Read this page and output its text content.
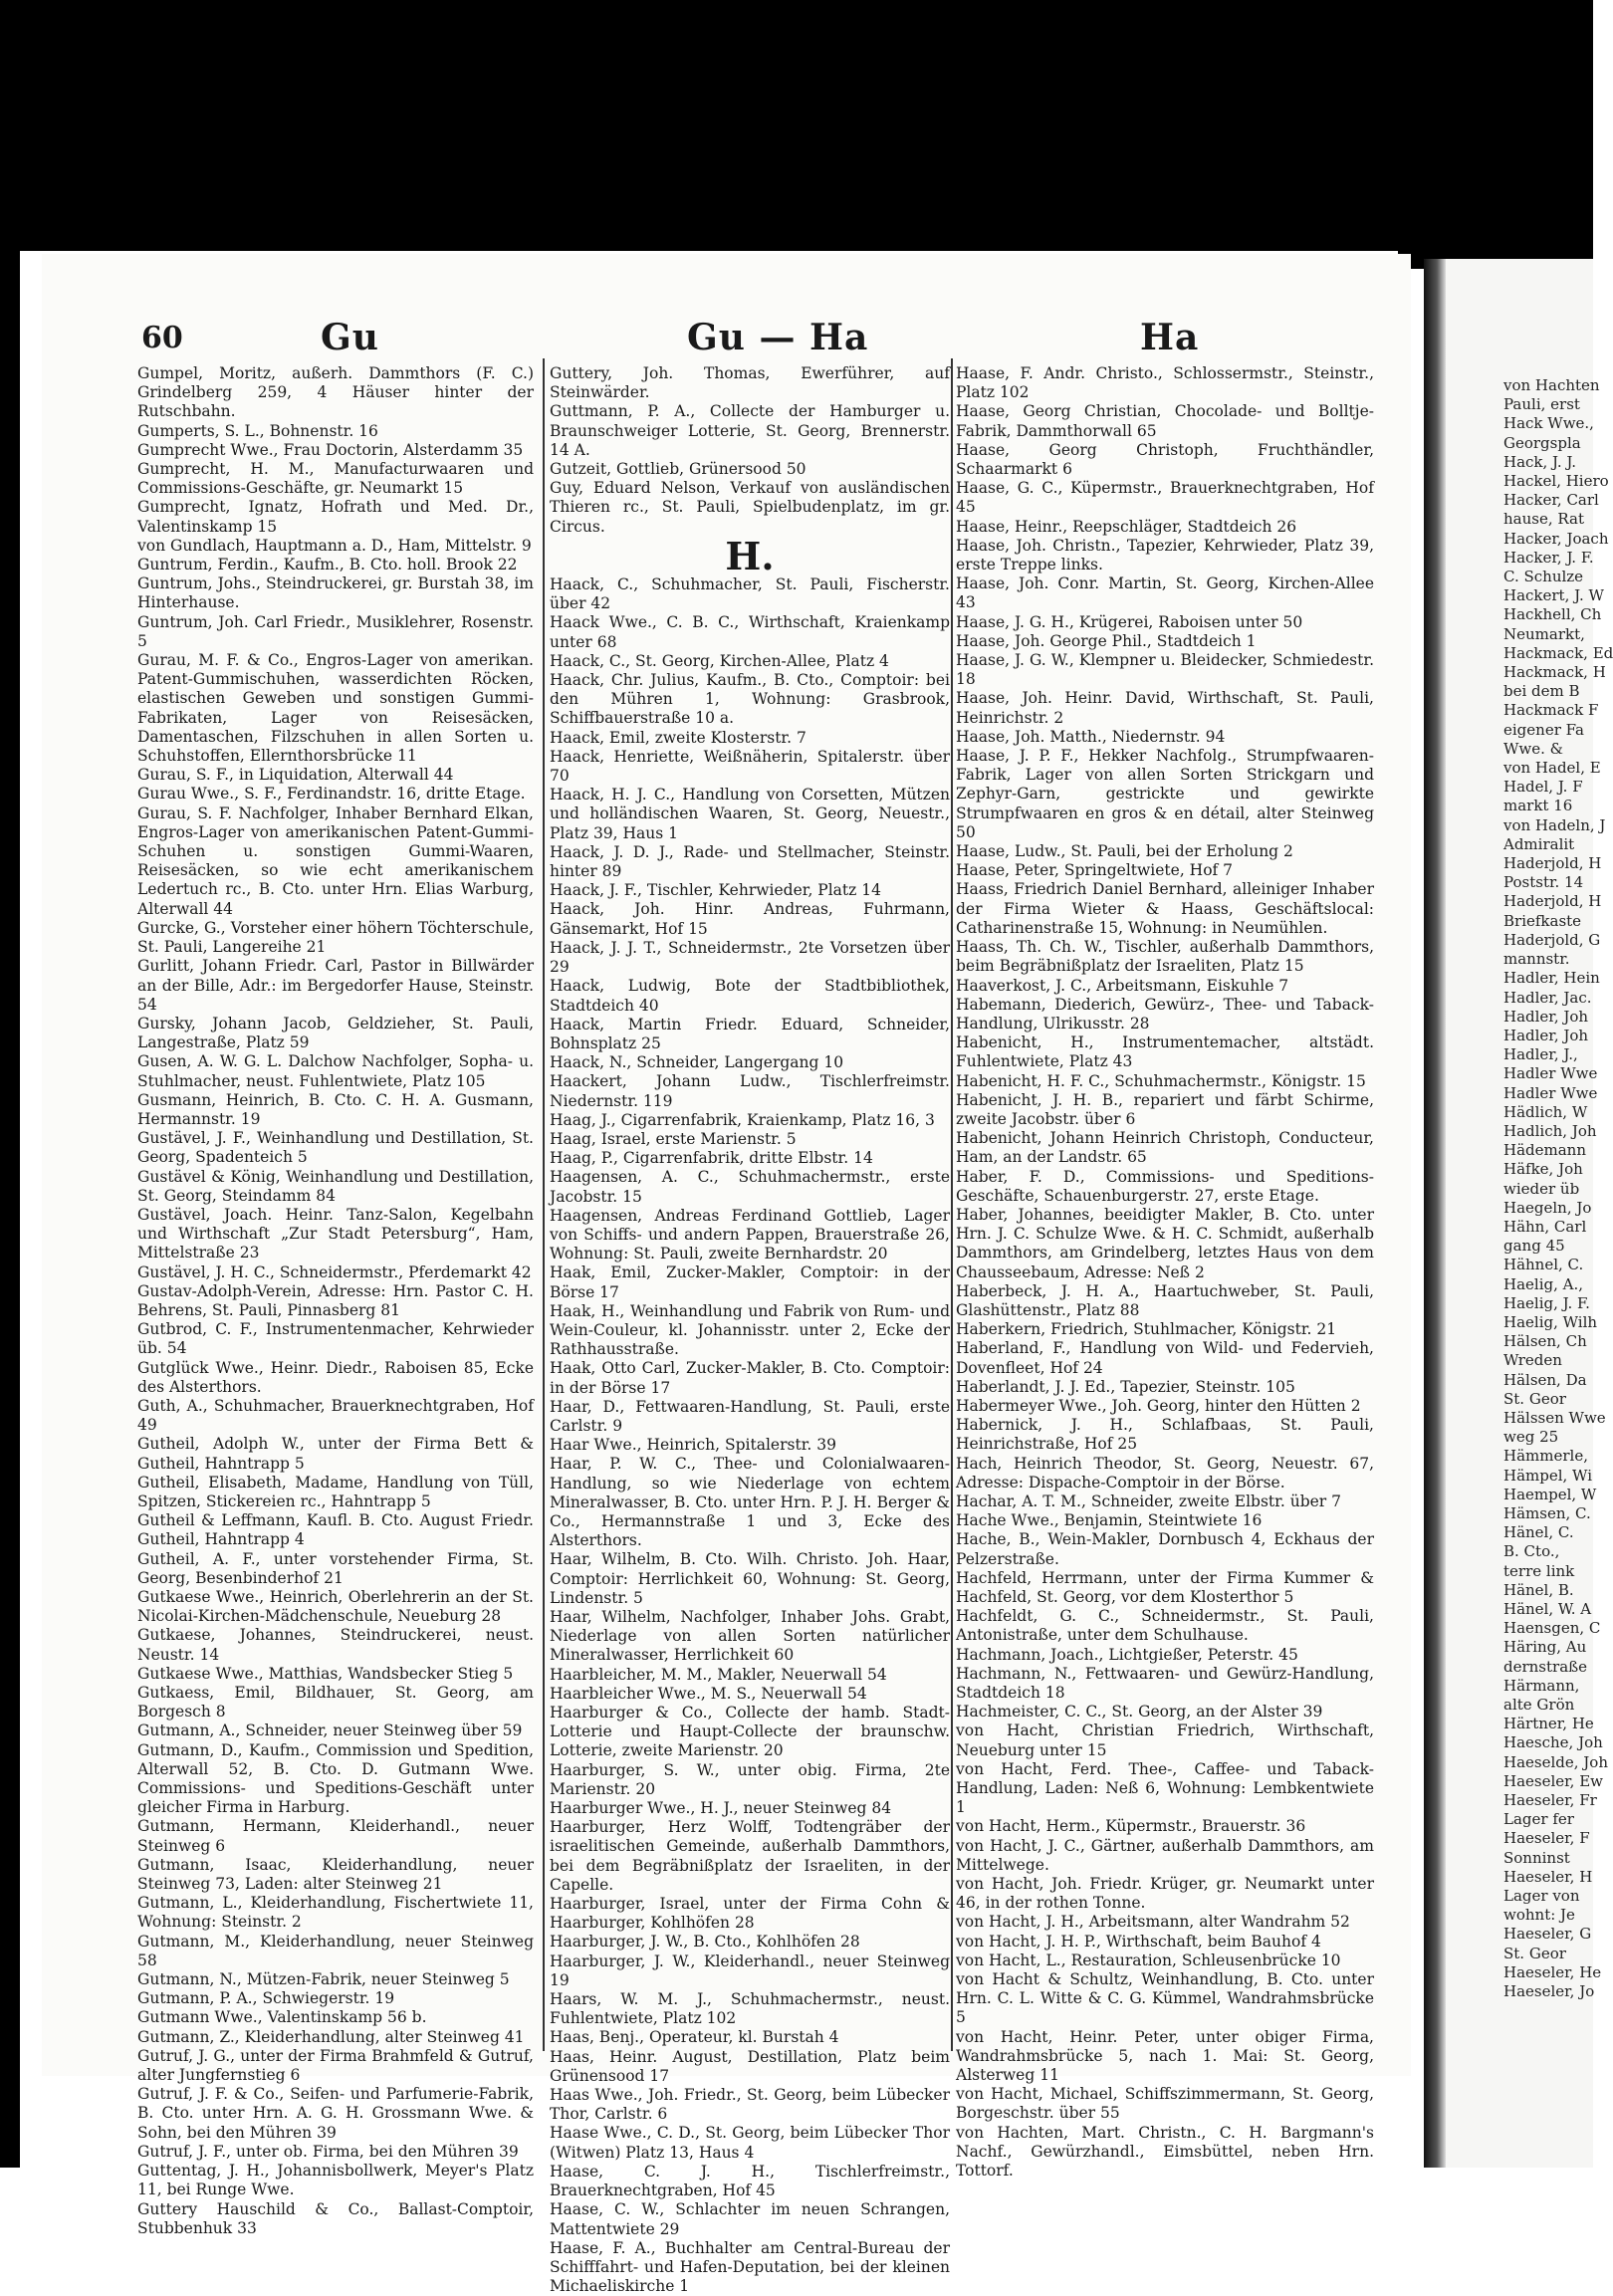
60	Gu	Gu — Ha	Ha

Gumpel, Moritz, außerh. Dammthors (F. C.) Grindelberg 259, 4 Häuser hinter der Rutschbahn.

Gumperts, S. L., Bohnenstr. 16

Gumprecht Wwe., Frau Doctorin, Alsterdamm 35

Gumprecht, H. M., Manufacturwaaren und Commissions-Geschäfte, gr. Neumarkt 15

Gumprecht, Ignatz, Hofrath und Med. Dr., Valentinskamp 15

von Gundlach, Hauptmann a. D., Ham, Mittelstr. 9

Guntrum, Ferdin., Kaufm., B. Cto. holl. Brook 22

Guntrum, Johs., Steindruckerei, gr. Burstah 38, im Hinterhause.

Guntrum, Joh. Carl Friedr., Musiklehrer, Rosenstr. 5

Gurau, M. F. & Co., Engros-Lager von amerikan. Patent-Gummischuhen, wasserdichten Röcken, elastischen Geweben und sonstigen Gummi-Fabrikaten, Lager von Reisesäcken, Damentaschen, Filzschuhen in allen Sorten u. Schuhstoffen, Ellernthorsbrücke 11

Gurau, S. F., in Liquidation, Alterwall 44

Gurau Wwe., S. F., Ferdinandstr. 16, dritte Etage.

Gurau, S. F. Nachfolger, Inhaber Bernhard Elkan, Engros-Lager von amerikanischen Patent-Gummi-Schuhen u. sonstigen Gummi-Waaren, Reisesäcken, so wie echt amerikanischem Ledertuch rc., B. Cto. unter Hrn. Elias Warburg, Alterwall 44

Gurcke, G., Vorsteher einer höhern Töchterschule, St. Pauli, Langereihe 21

Gurlitt, Johann Friedr. Carl, Pastor in Billwärder an der Bille, Adr.: im Bergedorfer Hause, Steinstr. 54

Gursky, Johann Jacob, Geldzieher, St. Pauli, Langestraße, Platz 59

Gusen, A. W. G. L. Dalchow Nachfolger, Sopha- u. Stuhlmacher, neust. Fuhlentwiete, Platz 105

Gusmann, Heinrich, B. Cto. C. H. A. Gusmann, Hermannstr. 19

Gustävel, J. F., Weinhandlung und Destillation, St. Georg, Spadenteich 5

Gustävel & König, Weinhandlung und Destillation, St. Georg, Steindamm 84

Gustävel, Joach. Heinr. Tanz-Salon, Kegelbahn und Wirthschaft „Zur Stadt Petersburg“, Ham, Mittelstraße 23

Gustävel, J. H. C., Schneidermstr., Pferdemarkt 42

Gustav-Adolph-Verein, Adresse: Hrn. Pastor C. H. Behrens, St. Pauli, Pinnasberg 81

Gutbrod, C. F., Instrumentenmacher, Kehrwieder üb. 54

Gutglück Wwe., Heinr. Diedr., Raboisen 85, Ecke des Alsterthors.

Guth, A., Schuhmacher, Brauerknechtgraben, Hof 49

Gutheil, Adolph W., unter der Firma Bett & Gutheil, Hahntrapp 5

Gutheil, Elisabeth, Madame, Handlung von Tüll, Spitzen, Stickereien rc., Hahntrapp 5

Gutheil & Leffmann, Kaufl. B. Cto. August Friedr. Gutheil, Hahntrapp 4

Gutheil, A. F., unter vorstehender Firma, St. Georg, Besenbinderhof 21

Gutkaese Wwe., Heinrich, Oberlehrerin an der St. Nicolai-Kirchen-Mädchenschule, Neueburg 28

Gutkaese, Johannes, Steindruckerei, neust. Neustr. 14

Gutkaese Wwe., Matthias, Wandsbecker Stieg 5

Gutkaess, Emil, Bildhauer, St. Georg, am Borgesch 8

Gutmann, A., Schneider, neuer Steinweg über 59

Gutmann, D., Kaufm., Commission und Spedition, Alterwall 52, B. Cto. D. Gutmann Wwe. Commissions- und Speditions-Geschäft unter gleicher Firma in Harburg.

Gutmann, Hermann, Kleiderhandl., neuer Steinweg 6

Gutmann, Isaac, Kleiderhandlung, neuer Steinweg 73, Laden: alter Steinweg 21

Gutmann, L., Kleiderhandlung, Fischertwiete 11, Wohnung: Steinstr. 2

Gutmann, M., Kleiderhandlung, neuer Steinweg 58

Gutmann, N., Mützen-Fabrik, neuer Steinweg 5

Gutmann, P. A., Schwiegerstr. 19

Gutmann Wwe., Valentinskamp 56 b.

Gutmann, Z., Kleiderhandlung, alter Steinweg 41

Gutruf, J. G., unter der Firma Brahmfeld & Gutruf, alter Jungfernstieg 6

Gutruf, J. F. & Co., Seifen- und Parfumerie-Fabrik, B. Cto. unter Hrn. A. G. H. Grossmann Wwe. & Sohn, bei den Mühren 39

Gutruf, J. F., unter ob. Firma, bei den Mühren 39

Guttentag, J. H., Johannisbollwerk, Meyer's Platz 11, bei Runge Wwe.

Guttery Hauschild & Co., Ballast-Comptoir, Stubbenhuk 33

Guttery, Joh. Thomas, Ewerführer, auf Steinwärder.

Guttmann, P. A., Collecte der Hamburger u. Braunschweiger Lotterie, St. Georg, Brennerstr. 14 A.

Gutzeit, Gottlieb, Grünersood 50

Guy, Eduard Nelson, Verkauf von ausländischen Thieren rc., St. Pauli, Spielbudenplatz, im gr. Circus.

H.

Haack, C., Schuhmacher, St. Pauli, Fischerstr. über 42

Haack Wwe., C. B. C., Wirthschaft, Kraienkamp unter 68

Haack, C., St. Georg, Kirchen-Allee, Platz 4

Haack, Chr. Julius, Kaufm., B. Cto., Comptoir: bei den Mühren 1, Wohnung: Grasbrook, Schiffbauerstraße 10 a.

Haack, Emil, zweite Klosterstr. 7

Haack, Henriette, Weißnäherin, Spitalerstr. über 70

Haack, H. J. C., Handlung von Corsetten, Mützen und holländischen Waaren, St. Georg, Neuestr., Platz 39, Haus 1

Haack, J. D. J., Rade- und Stellmacher, Steinstr. hinter 89

Haack, J. F., Tischler, Kehrwieder, Platz 14

Haack, Joh. Hinr. Andreas, Fuhrmann, Gänsemarkt, Hof 15

Haack, J. J. T., Schneidermstr., 2te Vorsetzen über 29

Haack, Ludwig, Bote der Stadtbibliothek, Stadtdeich 40

Haack, Martin Friedr. Eduard, Schneider, Bohnsplatz 25

Haack, N., Schneider, Langergang 10

Haackert, Johann Ludw., Tischlerfreimstr. Niedernstr. 119

Haag, J., Cigarrenfabrik, Kraienkamp, Platz 16, 3

Haag, Israel, erste Marienstr. 5

Haag, P., Cigarrenfabrik, dritte Elbstr. 14

Haagensen, A. C., Schuhmachermstr., erste Jacobstr. 15

Haagensen, Andreas Ferdinand Gottlieb, Lager von Schiffs- und andern Pappen, Brauerstraße 26, Wohnung: St. Pauli, zweite Bernhardstr. 20

Haak, Emil, Zucker-Makler, Comptoir: in der Börse 17

Haak, H., Weinhandlung und Fabrik von Rum- und Wein-Couleur, kl. Johannisstr. unter 2, Ecke der Rathhausstraße.

Haak, Otto Carl, Zucker-Makler, B. Cto. Comptoir: in der Börse 17

Haar, D., Fettwaaren-Handlung, St. Pauli, erste Carlstr. 9

Haar Wwe., Heinrich, Spitalerstr. 39

Haar, P. W. C., Thee- und Colonialwaaren-Handlung, so wie Niederlage von echtem Mineralwasser, B. Cto. unter Hrn. P. J. H. Berger & Co., Hermannstraße 1 und 3, Ecke des Alsterthors.

Haar, Wilhelm, B. Cto. Wilh. Christo. Joh. Haar, Comptoir: Herrlichkeit 60, Wohnung: St. Georg, Lindenstr. 5

Haar, Wilhelm, Nachfolger, Inhaber Johs. Grabt, Niederlage von allen Sorten natürlicher Mineralwasser, Herrlichkeit 60

Haarbleicher, M. M., Makler, Neuerwall 54

Haarbleicher Wwe., M. S., Neuerwall 54

Haarburger & Co., Collecte der hamb. Stadt-Lotterie und Haupt-Collecte der braunschw. Lotterie, zweite Marienstr. 20

Haarburger, S. W., unter obig. Firma, 2te Marienstr. 20

Haarburger Wwe., H. J., neuer Steinweg 84

Haarburger, Herz Wolff, Todtengräber der israelitischen Gemeinde, außerhalb Dammthors, bei dem Begräbnißplatz der Israeliten, in der Capelle.

Haarburger, Israel, unter der Firma Cohn & Haarburger, Kohlhöfen 28

Haarburger, J. W., B. Cto., Kohlhöfen 28

Haarburger, J. W., Kleiderhandl., neuer Steinweg 19

Haars, W. M. J., Schuhmachermstr., neust. Fuhlentwiete, Platz 102

Haas, Benj., Operateur, kl. Burstah 4

Haas, Heinr. August, Destillation, Platz beim Grünensood 17

Haas Wwe., Joh. Friedr., St. Georg, beim Lübecker Thor, Carlstr. 6

Haase Wwe., C. D., St. Georg, beim Lübecker Thor (Witwen) Platz 13, Haus 4

Haase, C. J. H., Tischlerfreimstr., Brauerknechtgraben, Hof 45

Haase, C. W., Schlachter im neuen Schrangen, Mattentwiete 29

Haase, F. A., Buchhalter am Central-Bureau der Schifffahrt- und Hafen-Deputation, bei der kleinen Michaeliskirche 1

Haase, F. Andr. Christo., Schlossermstr., Steinstr., Platz 102

Haase, Georg Christian, Chocolade- und Bolltje-Fabrik, Dammthorwall 65

Haase, Georg Christoph, Fruchthändler, Schaarmarkt 6

Haase, G. C., Küpermstr., Brauerknechtgraben, Hof 45

Haase, Heinr., Reepschläger, Stadtdeich 26

Haase, Joh. Christn., Tapezier, Kehrwieder, Platz 39, erste Treppe links.

Haase, Joh. Conr. Martin, St. Georg, Kirchen-Allee 43

Haase, J. G. H., Krügerei, Raboisen unter 50

Haase, Joh. George Phil., Stadtdeich 1

Haase, J. G. W., Klempner u. Bleidecker, Schmiedestr. 18

Haase, Joh. Heinr. David, Wirthschaft, St. Pauli, Heinrichstr. 2

Haase, Joh. Matth., Niedernstr. 94

Haase, J. P. F., Hekker Nachfolg., Strumpfwaaren-Fabrik, Lager von allen Sorten Strickgarn und Zephyr-Garn, gestrickte und gewirkte Strumpfwaaren en gros & en détail, alter Steinweg 50

Haase, Ludw., St. Pauli, bei der Erholung 2

Haase, Peter, Springeltwiete, Hof 7

Haass, Friedrich Daniel Bernhard, alleiniger Inhaber der Firma Wieter & Haass, Geschäftslocal: Catharinenstraße 15, Wohnung: in Neumühlen.

Haass, Th. Ch. W., Tischler, außerhalb Dammthors, beim Begräbnißplatz der Israeliten, Platz 15

Haaverkost, J. C., Arbeitsmann, Eiskuhle 7

Habemann, Diederich, Gewürz-, Thee- und Taback-Handlung, Ulrikusstr. 28

Habenicht, H., Instrumentemacher, altstädt. Fuhlentwiete, Platz 43

Habenicht, H. F. C., Schuhmachermstr., Königstr. 15

Habenicht, J. H. B., repariert und färbt Schirme, zweite Jacobstr. über 6

Habenicht, Johann Heinrich Christoph, Conducteur, Ham, an der Landstr. 65

Haber, F. D., Commissions- und Speditions-Geschäfte, Schauenburgerstr. 27, erste Etage.

Haber, Johannes, beeidigter Makler, B. Cto. unter Hrn. J. C. Schulze Wwe. & H. C. Schmidt, außerhalb Dammthors, am Grindelberg, letztes Haus von dem Chausseebaum, Adresse: Neß 2

Haberbeck, J. H. A., Haartuchweber, St. Pauli, Glashüttenstr., Platz 88

Haberkern, Friedrich, Stuhlmacher, Königstr. 21

Haberland, F., Handlung von Wild- und Federvieh, Dovenfleet, Hof 24

Haberlandt, J. J. Ed., Tapezier, Steinstr. 105

Habermeyer Wwe., Joh. Georg, hinter den Hütten 2

Habernick, J. H., Schlafbaas, St. Pauli, Heinrichstraße, Hof 25

Hach, Heinrich Theodor, St. Georg, Neuestr. 67, Adresse: Dispache-Comptoir in der Börse.

Hachar, A. T. M., Schneider, zweite Elbstr. über 7

Hache Wwe., Benjamin, Steintwiete 16

Hache, B., Wein-Makler, Dornbusch 4, Eckhaus der Pelzerstraße.

Hachfeld, Herrmann, unter der Firma Kummer & Hachfeld, St. Georg, vor dem Klosterthor 5

Hachfeldt, G. C., Schneidermstr., St. Pauli, Antonistraße, unter dem Schulhause.

Hachmann, Joach., Lichtgießer, Peterstr. 45

Hachmann, N., Fettwaaren- und Gewürz-Handlung, Stadtdeich 18

Hachmeister, C. C., St. Georg, an der Alster 39

von Hacht, Christian Friedrich, Wirthschaft, Neueburg unter 15

von Hacht, Ferd. Thee-, Caffee- und Taback-Handlung, Laden: Neß 6, Wohnung: Lembkentwiete 1

von Hacht, Herm., Küpermstr., Brauerstr. 36

von Hacht, J. C., Gärtner, außerhalb Dammthors, am Mittelwege.

von Hacht, Joh. Friedr. Krüger, gr. Neumarkt unter 46, in der rothen Tonne.

von Hacht, J. H., Arbeitsmann, alter Wandrahm 52

von Hacht, J. H. P., Wirthschaft, beim Bauhof 4

von Hacht, L., Restauration, Schleusenbrücke 10

von Hacht & Schultz, Weinhandlung, B. Cto. unter Hrn. C. L. Witte & C. G. Kümmel, Wandrahmsbrücke 5

von Hacht, Heinr. Peter, unter obiger Firma, Wandrahmsbrücke 5, nach 1. Mai: St. Georg, Alsterweg 11

von Hacht, Michael, Schiffszimmermann, St. Georg, Borgeschstr. über 55

von Hachten, Mart. Christn., C. H. Bargmann's Nachf., Gewürzhandl., Eimsbüttel, neben Hrn. Tottorf.

von Hachten

Pauli, erst

Hack Wwe.,

Georgspla

Hack, J. J.

Hackel, Hiero

Hacker, Carl

hause, Rat

Hacker, Joach

Hacker, J. F.

C. Schulze

Hackert, J. W

Hackhell, Ch

Neumarkt,

Hackmack, Ed

Hackmack, H

bei dem B

Hackmack F

eigener Fa

Wwe. &

von Hadel, E

Hadel, J. F

markt 16

von Hadeln, J

Admiralit

Haderjold, H

Poststr. 14

Haderjold, H

Briefkaste

Haderjold, G

mannstr.

Hadler, Hein

Hadler, Jac.

Hadler, Joh

Hadler, Joh

Hadler, J.,

Hadler Wwe

Hadler Wwe

Hädlich, W

Hadlich, Joh

Hädemann

Häfke, Joh

wieder üb

Haegeln, Jo

Hähn, Carl

gang 45

Hähnel, C.

Haelig, A.,

Haelig, J. F.

Haelig, Wilh

Hälsen, Ch

Wreden

Hälsen, Da

St. Geor

Hälssen Wwe

weg 25

Hämmerle,

Hämpel, Wi

Haempel, W

Hämsen, C.

Hänel, C.

B. Cto.,

terre link

Hänel, B.

Hänel, W. A

Haensgen, C

Häring, Au

dernstraße

Härmann,

alte Grön

Härtner, He

Haesche, Joh

Haeselde, Joh

Haeseler, Ew

Haeseler, Fr

Lager fer

Haeseler, F

Sonninst

Haeseler, H

Lager von

wohnt: Je

Haeseler, G

St. Geor

Haeseler, He

Haeseler, Jo
